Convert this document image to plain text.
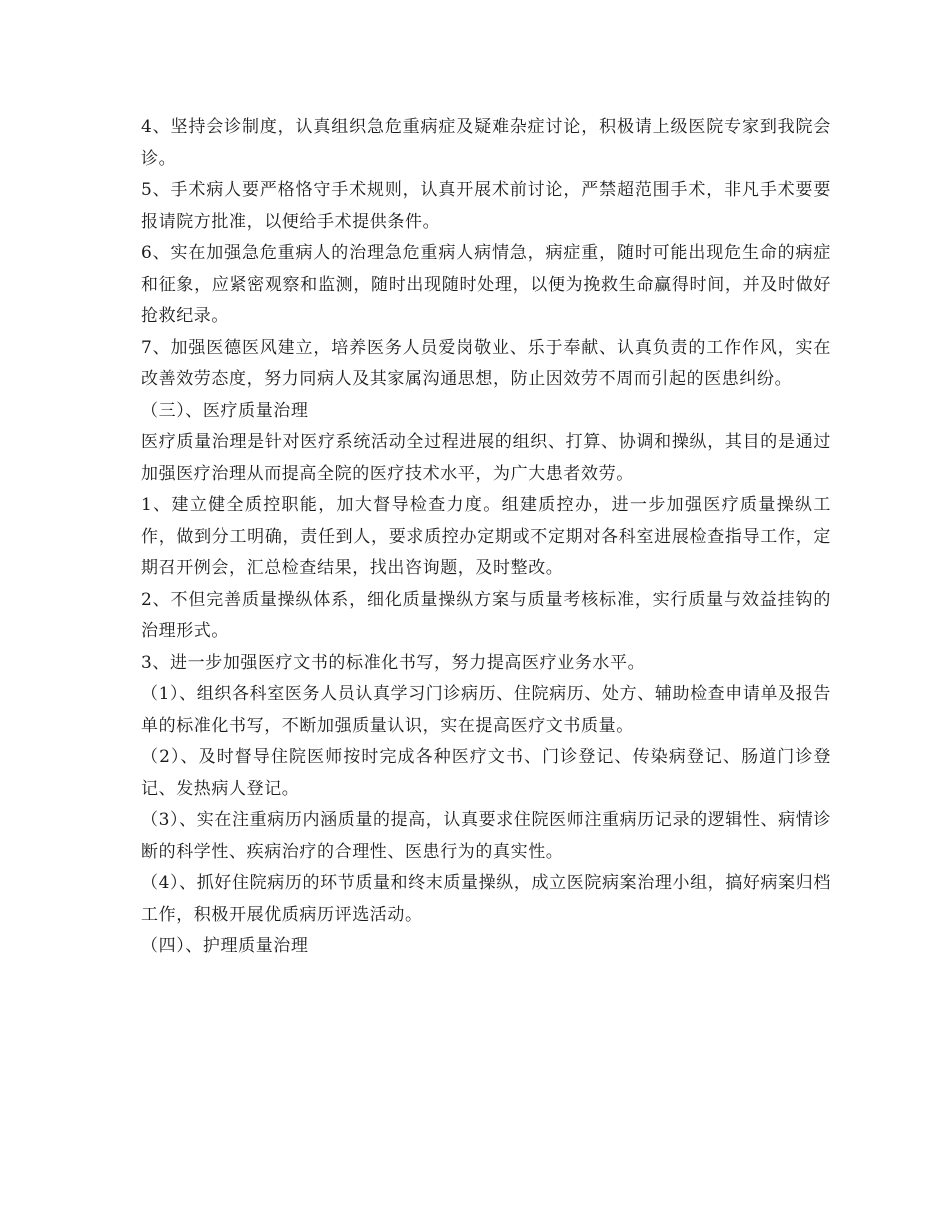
4、坚持会诊制度，认真组织急危重病症及疑难杂症讨论，积极请上级医院专家到我院会诊。

5、手术病人要严格恪守手术规则，认真开展术前讨论，严禁超范围手术，非凡手术要要报请院方批准，以便给手术提供条件。

6、实在加强急危重病人的治理急危重病人病情急，病症重，随时可能出现危生命的病症和征象，应紧密观察和监测，随时出现随时处理，以便为挽救生命赢得时间，并及时做好抢救纪录。

7、加强医德医风建立，培养医务人员爱岗敬业、乐于奉献、认真负责的工作作风，实在改善效劳态度，努力同病人及其家属沟通思想，防止因效劳不周而引起的医患纠纷。

（三）、医疗质量治理

医疗质量治理是针对医疗系统活动全过程进展的组织、打算、协调和操纵，其目的是通过加强医疗治理从而提高全院的医疗技术水平，为广大患者效劳。

1、建立健全质控职能，加大督导检查力度。组建质控办，进一步加强医疗质量操纵工作，做到分工明确，责任到人，要求质控办定期或不定期对各科室进展检查指导工作，定期召开例会，汇总检查结果，找出咨询题，及时整改。

2、不但完善质量操纵体系，细化质量操纵方案与质量考核标准，实行质量与效益挂钩的治理形式。

3、进一步加强医疗文书的标准化书写，努力提高医疗业务水平。

（1）、组织各科室医务人员认真学习门诊病历、住院病历、处方、辅助检查申请单及报告单的标准化书写，不断加强质量认识，实在提高医疗文书质量。

（2）、及时督导住院医师按时完成各种医疗文书、门诊登记、传染病登记、肠道门诊登记、发热病人登记。

（3）、实在注重病历内涵质量的提高，认真要求住院医师注重病历记录的逻辑性、病情诊断的科学性、疾病治疗的合理性、医患行为的真实性。

（4）、抓好住院病历的环节质量和终末质量操纵，成立医院病案治理小组，搞好病案归档工作，积极开展优质病历评选活动。

（四）、护理质量治理
